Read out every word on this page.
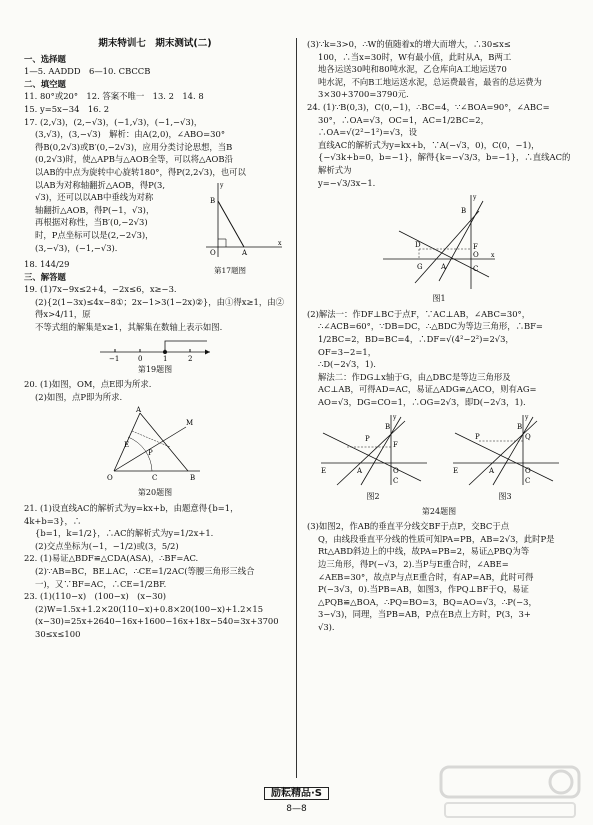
期末特训七　期末测试(二)
一、选择题
1—5. AADDD　6—10. CBCCB
二、填空题
11. 80°或20°　12. 答案不唯一　13. 2　14. 8
15. y=5x−34　16. 2
17. (2,√3)，(2,−√3)，(−1,√3)，(−1,−√3)，
(3,√3)，(3,−√3)　解析：由A(2,0)，∠ABO=30°
得B(0,2√3)或B′(0,−2√3)，应用分类讨论思想，当B
(0,2√3)时，使△APB与△AOB全等，可以将△AOB沿
以AB的中点为旋转中心旋转180°，得P(2,2√3)，也可以
B
A
O
y
x
以AB为对称轴翻折△AOB，得P(3,
√3)，还可以以AB中垂线为对称
轴翻折△AOB，得P(−1，√3)，
再根据对称性，当B′(0,−2√3)
时，P点坐标可以是(2,−2√3)，
(3,−√3)，(−1,−√3)．
第17题图
18. 144/29
三、解答题
19. (1)7x−9x≤2+4，−2x≤6，x≥−3.
(2){2(1−3x)≤4x−8①；2x−1>3(1−2x)②}，由①得x≥1，由②得x>4/11，原
不等式组的解集是x≥1，其解集在数轴上表示如图.
−1	0	1	2
第19题图
20. (1)如图，OM，点E即为所求.
(2)如图，点P即为所求.
A
O	C	B
M
E
P
第20题图
21. (1)设直线AC的解析式为y=kx+b，由题意得{b=1，4k+b=3}，∴
{b=1，k=1/2}，∴AC的解析式为y=1/2x+1.
(2)交点坐标为(−1，−1/2)或(3，5/2)
22. (1)易证△BDF≌△CDA(ASA)，∴BF=AC.
(2)∵AB=BC，BE⊥AC，∴CE=1/2AC(等腰三角形三线合
一)，又∵BF=AC，∴CE=1/2BF.
23. (1)(110−x)　(100−x)　(x−30)
(2)W=1.5x+1.2×20(110−x)+0.8×20(100−x)+1.2×15
(x−30)=25x+2640−16x+1600−16x+18x−540=3x+3700
30≤x≤100
(3)∵k=3>0，∴W的值随着x的增大而增大，∴30≤x≤
100，∴当x=30时，W有最小值，此时从A，B两工
地各运送30吨和80吨水泥，乙仓库向A工地运送70
吨水泥，不向B工地运送水泥，总运费最省，最省的总运费为
3×30+3700=3790元.
24. (1)∵B(0,3)，C(0,−1)，∴BC=4，∵∠BOA=90°，∠ABC=
30°，∴OA=√3，OC=1，AC=1/2BC=2，∴OA=√(2²−1²)=√3，设
直线AC的解析式为y=kx+b，∵A(−√3，0)，C(0，−1)，
{−√3k+b=0，b=−1}，解得{k=−√3/3，b=−1}，∴直线AC的解析式为
y=−√3/3x−1.
B
D	F
O
C
G	A
y
x
图1
(2)解法一：作DF⊥BC于点F，∵AC⊥AB，∠ABC=30°，
∴∠ACB=60°，∵DB=DC，∴△BDC为等边三角形，∴BF=
1/2BC=2，BD=BC=4，∴DF=√(4²−2²)=2√3，OF=3−2=1，
∴D(−2√3，1).
解法二：作DG⊥x轴于G，由△DBC是等边三角形及
AC⊥AB，可得AD=AC，易证△ADG≌△ACO，则有AG=
AO=√3，DG=CO=1，∴OG=2√3，即D(−2√3，1).
E	A	O
C
B
P
F
y
图2
E	A	O
C
B
P	Q
y
图3
第24题图
(3)如图2，作AB的垂直平分线交BF于点P，交BC于点
Q，由线段垂直平分线的性质可知PA=PB，AB=2√3，此时P是
Rt△ABD斜边上的中线，故PA=PB=2，易证△PBQ为等
边三角形，得P(−√3，2).当P与E重合时，∠ABE=
∠AEB=30°，故点P与点E重合时，有AP=AB，此时可得
P(−3√3，0).当PB=AB，如图3，作PQ⊥BF于Q，易证
△PQB≌△BOA，∴PQ=BO=3，BQ=AO=√3，∴P(−3，
3−√3)，同理，当PB=AB，P点在B点上方时，P(3，3+
√3).
励耘精品·S
8—8
